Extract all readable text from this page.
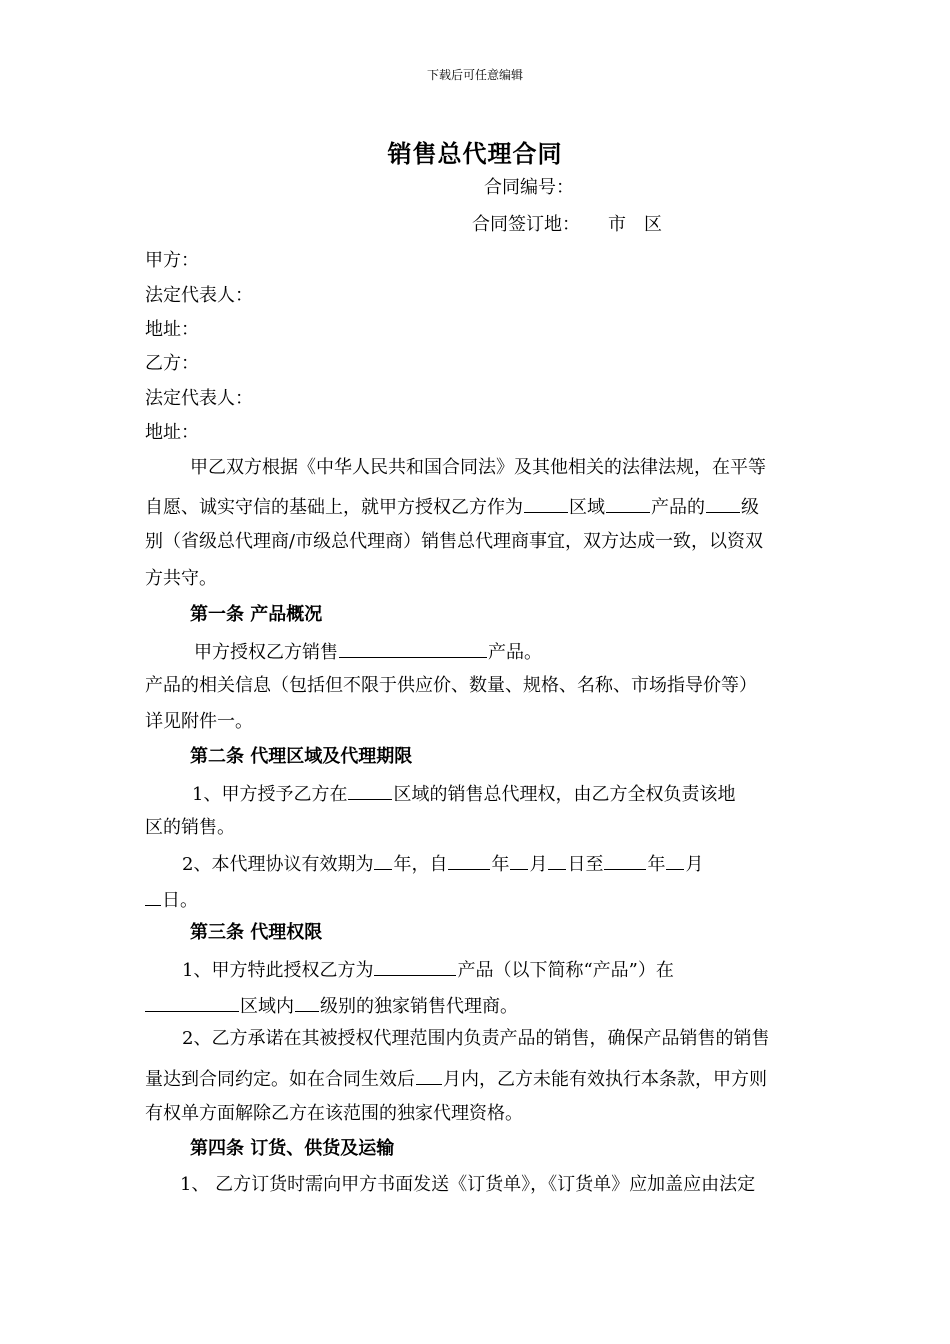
下载后可任意编辑
销售总代理合同
合同编号：
合同签订地： 市 区
甲方：
法定代表人：
地址：
乙方：
法定代表人：
地址：
甲乙双方根据《中华人民共和国合同法》及其他相关的法律法规，在平等
自愿、诚实守信的基础上，就甲方授权乙方作为	区域	产品的 级
别（省级总代理商/市级总代理商）销售总代理商事宜，双方达成一致，以资双
方共守。
第一条 产品概况
甲方授权乙方销售	产品。
产品的相关信息（包括但不限于供应价、数量、规格、名称、市场指导价等）
详见附件一。
第二条 代理区域及代理期限
1、甲方授予乙方在	区域的销售总代理权，由乙方全权负责该地
区的销售。
2、本代理协议有效期为 年，自 年 月 日至 年 月
日。
第三条 代理权限
1、甲方特此授权乙方为	产品（以下简称“产品”）在
区域内 级别的独家销售代理商。
2、乙方承诺在其被授权代理范围内负责产品的销售，确保产品销售的销售
量达到合同约定。如在合同生效后 月内，乙方未能有效执行本条款，甲方则
有权单方面解除乙方在该范围的独家代理资格。
第四条 订货、供货及运输
1、 乙方订货时需向甲方书面发送《订货单》，《订货单》应加盖应由法定
